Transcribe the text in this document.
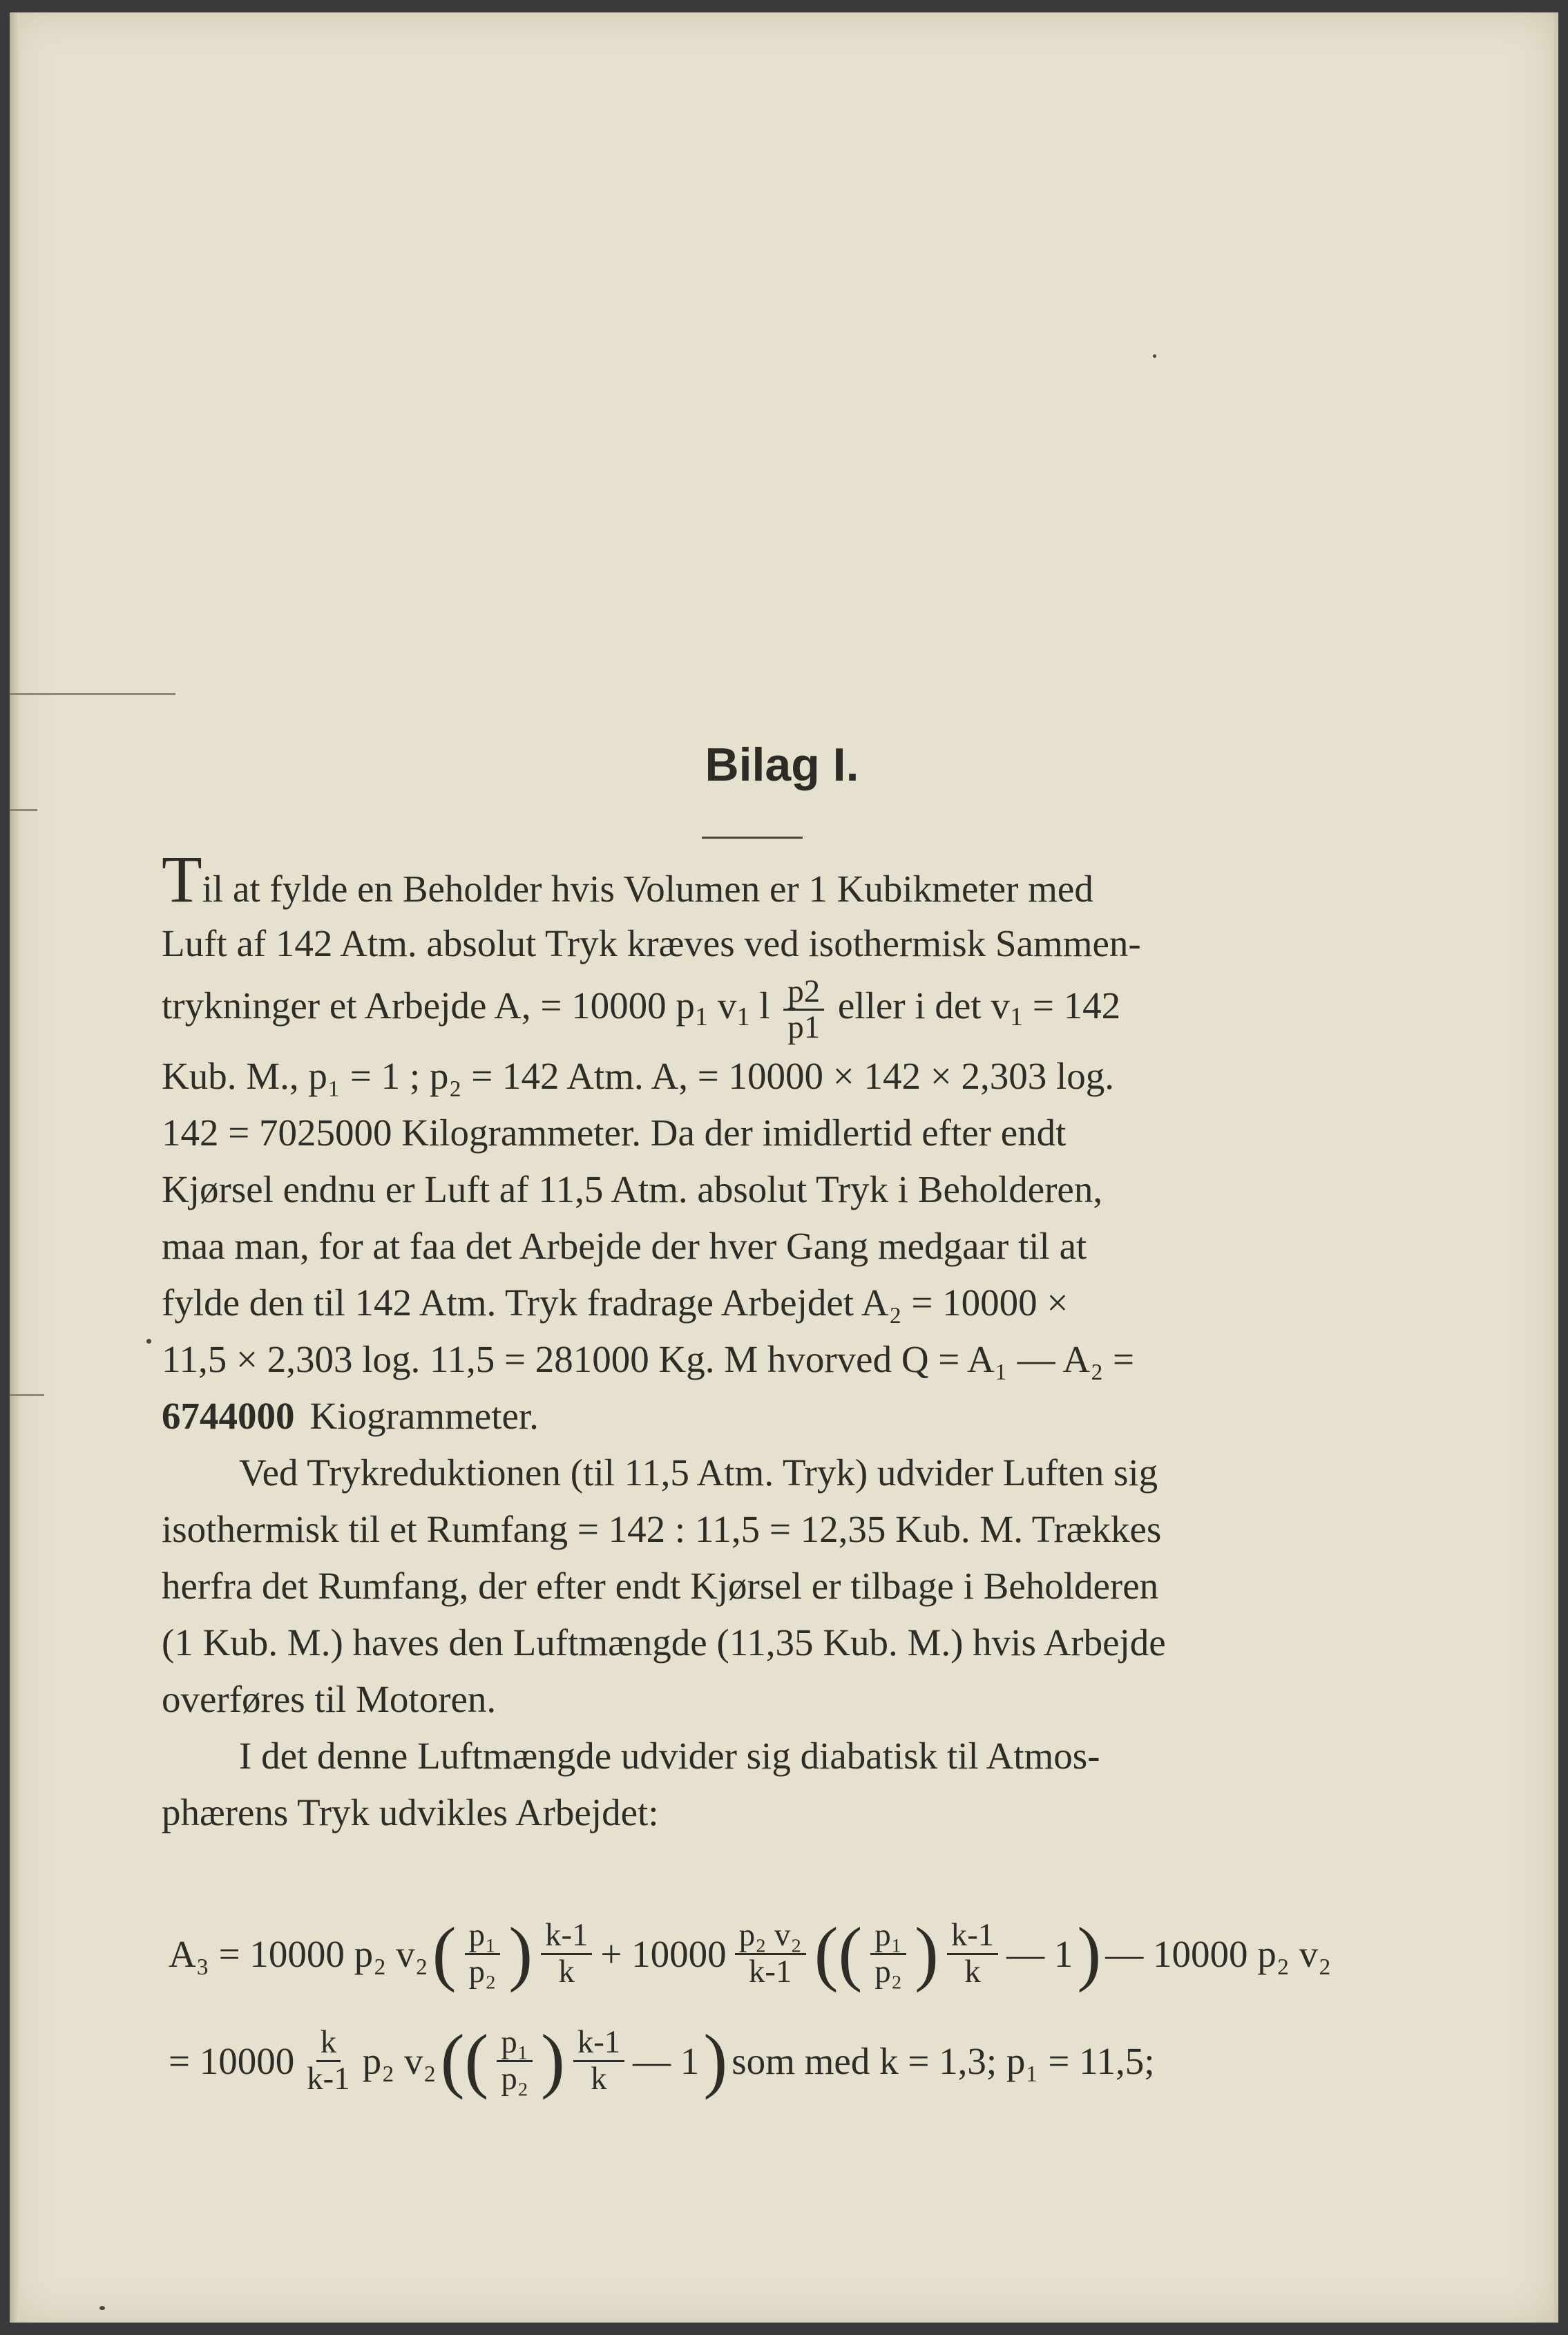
Bilag I.
Til at fylde en Beholder hvis Volumen er 1 Kubikmeter med
Luft af 142 Atm. absolut Tryk kræves ved isothermisk Sammen-
trykninger et Arbejde A, = 10000 $p_1$ $v_1$ l $\frac{p2}{p1}$ eller i $\det v_1 = 142$
Kub. M., p₁ = 1 ; p₂ = 142 Atm. A, = 10000 × 142 × 2,303 log.
142 = 7025000 Kilogrammeter. Da der imidlertid efter endt
Kjørsel endnu er Luft af 11,5 Atm. absolut Tryk i Beholderen,
maa man, for at faa det Arbejde der hver Gang medgaar til at
fylde den til 142 Atm. Tryk fradrage Arbejdet A₂ = 10000 ×
11,5 × 2,303 log. 11,5 = 281000 Kg. M hvorved Q = A₁ — A₂ =
6744000 Kiogrammeter.
Ved Trykreduktionen (til 11,5 Atm. Tryk) udvider Luften sig
isothermisk til et Rumfang = 142 : 11,5 = 12,35 Kub. M. Trækkes
herfra det Rumfang, der efter endt Kjørsel er tilbage i Beholderen
(1 Kub. M.) haves den Luftmængde (11,35 Kub. M.) hvis Arbejde
overføres til Motoren.
I det denne Luftmængde udvider sig diabatisk til Atmos-
phærens Tryk udvikles Arbejdet:
A₃ = 10000 p₂ v₂ ( $\frac{\text{p₁}}{\text{p₂}}$ ) $\frac{k-1}{k} + 10000 \frac{\text{p₂ v₂}}{k-1}$ (( $\frac{\text{p₁}}{\text{p₂}}$ ) $\frac{k-1}{k}$ — 1 ) — 10000 p₂ v₂
= $10000 \frac{k}{k-1} p_2$ v₂ (( $\frac{\text{p₁}}{\text{p₂}}$ ) $\frac{k-1}{k}$ — 1 ) som med k = 1,3; p₁ = 11,5;
